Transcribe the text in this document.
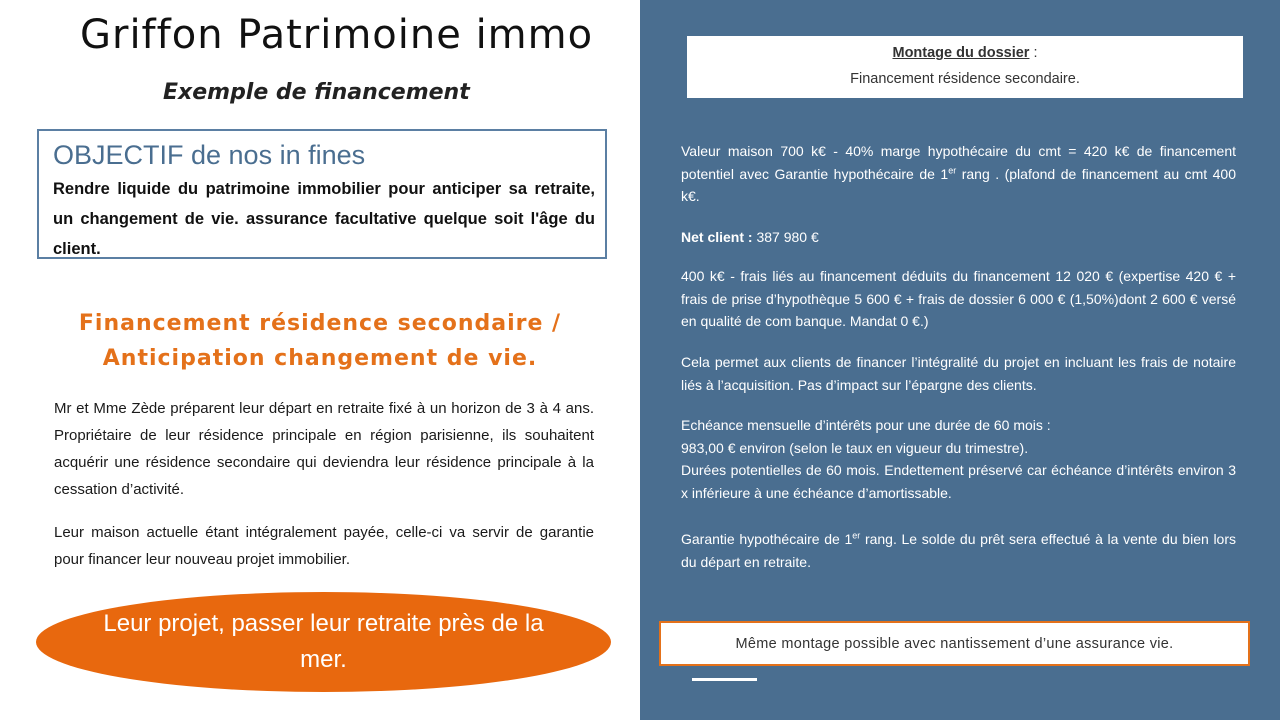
Griffon Patrimoine immo
Exemple de financement
OBJECTIF de nos in fines

Rendre liquide du patrimoine immobilier pour anticiper sa retraite, un changement de vie. assurance facultative quelque soit l'âge du client.

Financement résidence secondaire / Anticipation changement de vie.

Mr et Mme Zède préparent leur départ en retraite fixé à un horizon de 3 à 4 ans. Propriétaire de leur résidence principale en région parisienne, ils souhaitent acquérir une résidence secondaire qui deviendra leur résidence principale à la cessation d’activité.

Leur maison actuelle étant intégralement payée, celle-ci va servir de garantie pour financer leur nouveau projet immobilier.

Leur projet, passer leur retraite près de la mer.

Montage du dossier :

Financement résidence secondaire.

Valeur maison 700 k€ - 40% marge hypothécaire du cmt = 420 k€ de financement potentiel avec Garantie hypothécaire de 1er rang . (plafond de financement au cmt 400 k€.

Net client : 387 980 €

400 k€ - frais liés au financement déduits du financement 12 020 € (expertise 420 € + frais de prise d’hypothèque 5 600 € + frais de dossier 6 000 € (1,50%)dont 2 600 € versé en qualité de com banque. Mandat 0 €.)

Cela permet aux clients de financer l’intégralité du projet en incluant les frais de notaire liés à l’acquisition. Pas d’impact sur l’épargne des clients.

Echéance mensuelle d’intérêts pour une durée de 60 mois :
983,00 € environ (selon le taux en vigueur du trimestre).
Durées potentielles de 60 mois. Endettement préservé car échéance d’intérêts environ 3 x inférieure à une échéance d’amortissable.

Garantie hypothécaire de 1er rang. Le solde du prêt sera effectué à la vente du bien lors du départ en retraite.

Même montage possible avec nantissement d’une assurance vie.
